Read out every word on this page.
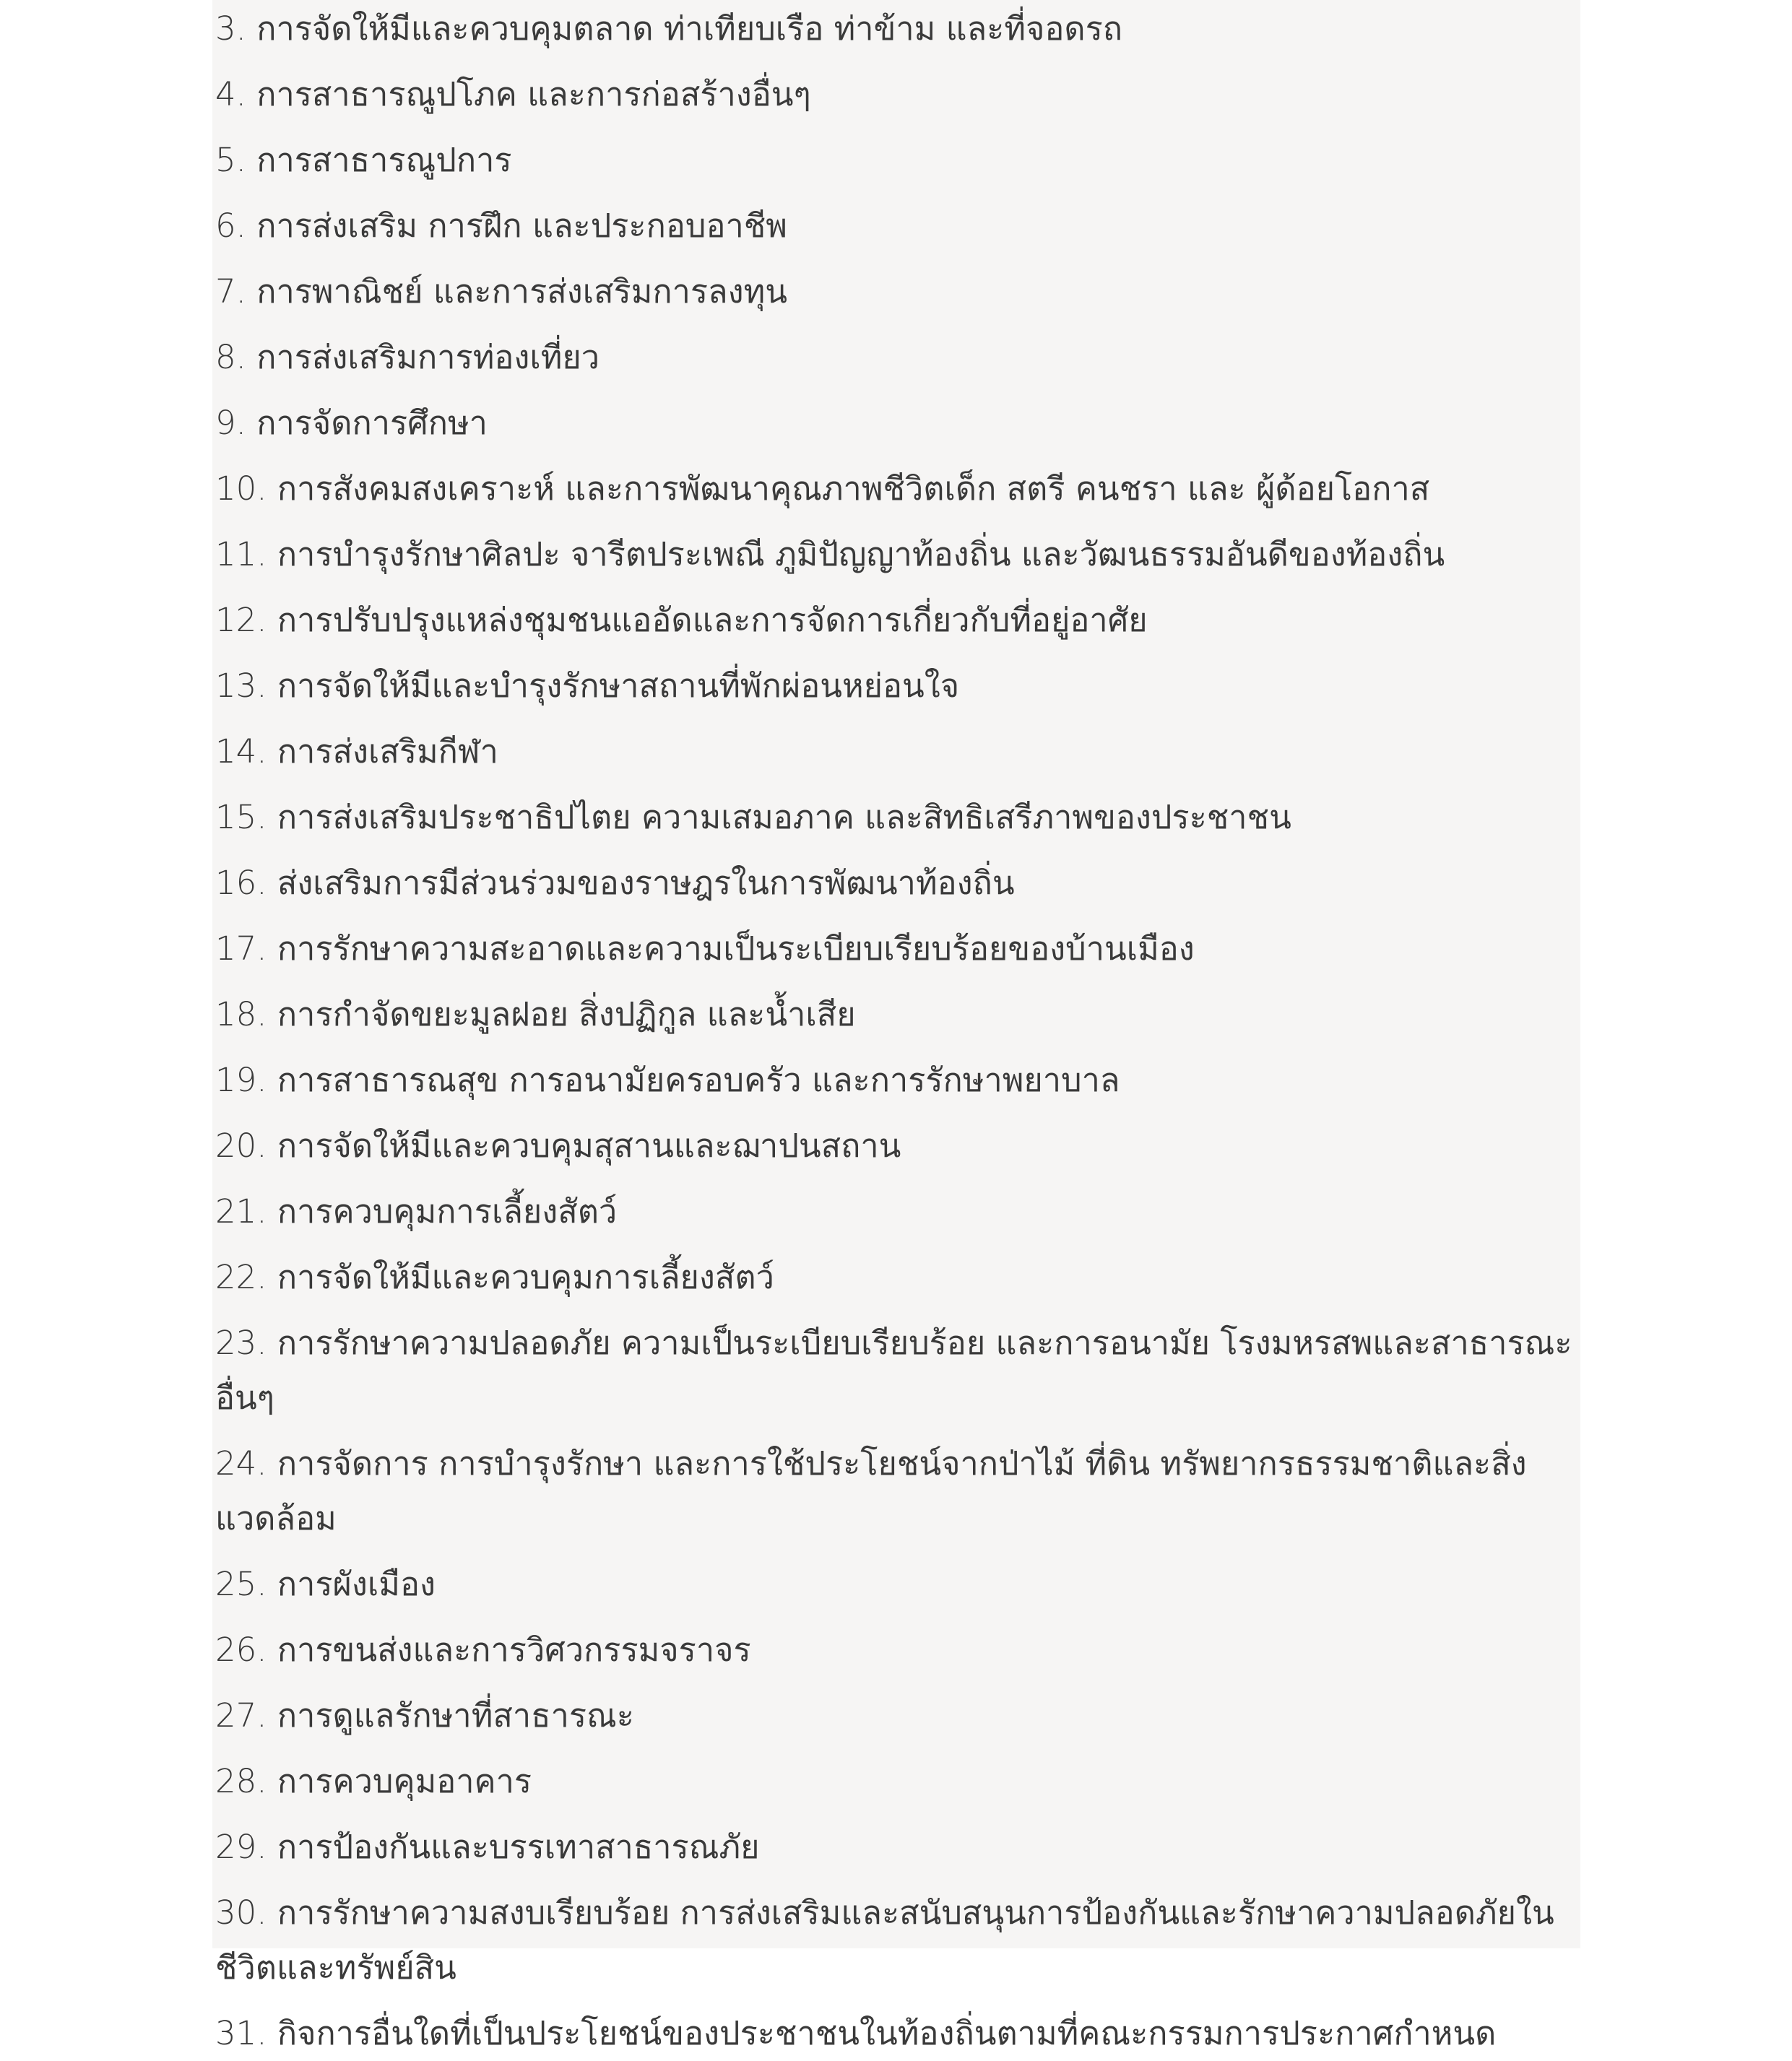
3. การจัดให้มีและควบคุมตลาด ท่าเทียบเรือ ท่าข้าม และที่จอดรถ
4. การสาธารณูปโภค และการก่อสร้างอื่นๆ
5. การสาธารณูปการ
6. การส่งเสริม การฝึก และประกอบอาชีพ
7. การพาณิชย์ และการส่งเสริมการลงทุน
8. การส่งเสริมการท่องเที่ยว
9. การจัดการศึกษา
10. การสังคมสงเคราะห์ และการพัฒนาคุณภาพชีวิตเด็ก สตรี คนชรา และ ผู้ด้อยโอกาส
11. การบำรุงรักษาศิลปะ จารีตประเพณี ภูมิปัญญาท้องถิ่น และวัฒนธรรมอันดีของท้องถิ่น
12. การปรับปรุงแหล่งชุมชนแออัดและการจัดการเกี่ยวกับที่อยู่อาศัย
13. การจัดให้มีและบำรุงรักษาสถานที่พักผ่อนหย่อนใจ
14. การส่งเสริมกีฬา
15. การส่งเสริมประชาธิปไตย ความเสมอภาค และสิทธิเสรีภาพของประชาชน
16. ส่งเสริมการมีส่วนร่วมของราษฎรในการพัฒนาท้องถิ่น
17. การรักษาความสะอาดและความเป็นระเบียบเรียบร้อยของบ้านเมือง
18. การกำจัดขยะมูลฝอย สิ่งปฏิกูล และน้ำเสีย
19. การสาธารณสุข การอนามัยครอบครัว และการรักษาพยาบาล
20. การจัดให้มีและควบคุมสุสานและฌาปนสถาน
21. การควบคุมการเลี้ยงสัตว์
22. การจัดให้มีและควบคุมการเลี้ยงสัตว์
23. การรักษาความปลอดภัย ความเป็นระเบียบเรียบร้อย และการอนามัย โรงมหรสพและสาธารณะอื่นๆ
24. การจัดการ การบำรุงรักษา และการใช้ประโยชน์จากป่าไม้ ที่ดิน ทรัพยากรธรรมชาติและสิ่งแวดล้อม
25. การผังเมือง
26. การขนส่งและการวิศวกรรมจราจร
27. การดูแลรักษาที่สาธารณะ
28. การควบคุมอาคาร
29. การป้องกันและบรรเทาสาธารณภัย
30. การรักษาความสงบเรียบร้อย การส่งเสริมและสนับสนุนการป้องกันและรักษาความปลอดภัยในชีวิตและทรัพย์สิน
31. กิจการอื่นใดที่เป็นประโยชน์ของประชาชนในท้องถิ่นตามที่คณะกรรมการประกาศกำหนด
